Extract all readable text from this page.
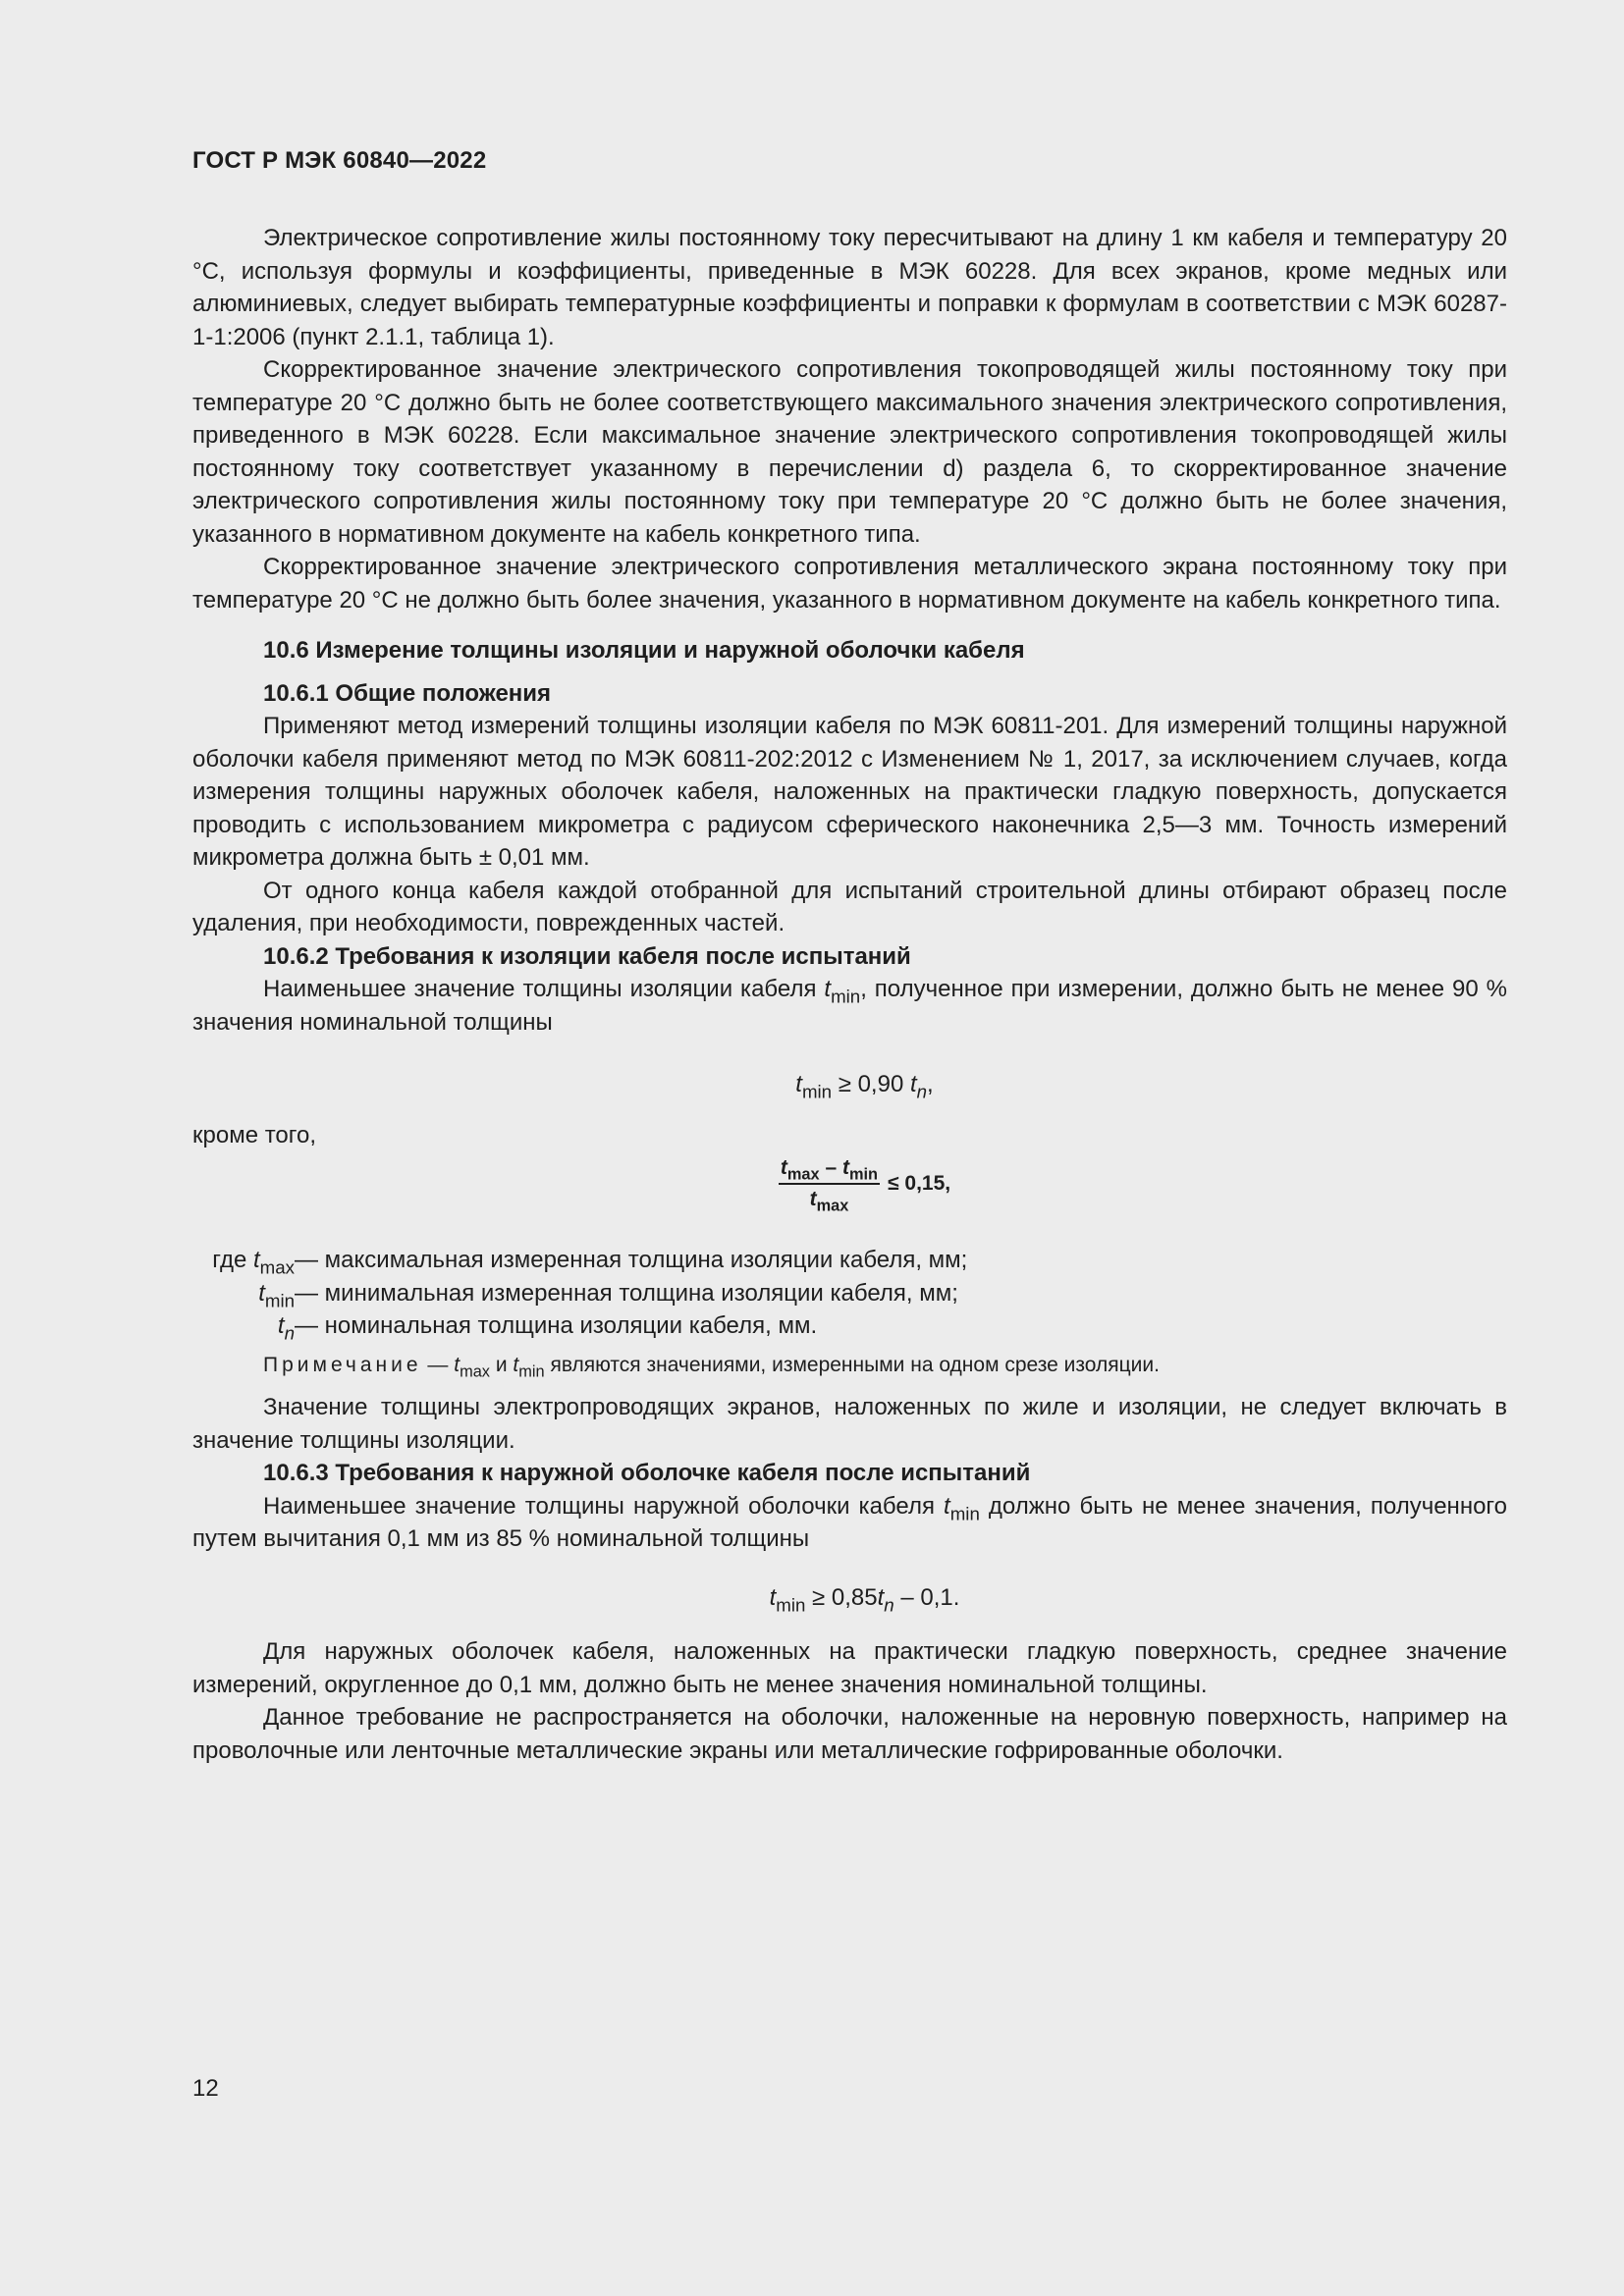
ГОСТ Р МЭК 60840—2022

Электрическое сопротивление жилы постоянному току пересчитывают на длину 1 км кабеля и температуру 20 °С, используя формулы и коэффициенты, приведенные в МЭК 60228. Для всех экранов, кроме медных или алюминиевых, следует выбирать температурные коэффициенты и поправки к формулам в соответствии с МЭК 60287-1-1:2006 (пункт 2.1.1, таблица 1).

Скорректированное значение электрического сопротивления токопроводящей жилы постоянному току при температуре 20 °С должно быть не более соответствующего максимального значения электрического сопротивления, приведенного в МЭК 60228. Если максимальное значение электрического сопротивления токопроводящей жилы постоянному току соответствует указанному в перечислении d) раздела 6, то скорректированное значение электрического сопротивления жилы постоянному току при температуре 20 °С должно быть не более значения, указанного в нормативном документе на кабель конкретного типа.

Скорректированное значение электрического сопротивления металлического экрана постоянному току при температуре 20 °С не должно быть более значения, указанного в нормативном документе на кабель конкретного типа.

10.6 Измерение толщины изоляции и наружной оболочки кабеля

10.6.1 Общие положения

Применяют метод измерений толщины изоляции кабеля по МЭК 60811-201. Для измерений толщины наружной оболочки кабеля применяют метод по МЭК 60811-202:2012 с Изменением № 1, 2017, за исключением случаев, когда измерения толщины наружных оболочек кабеля, наложенных на практически гладкую поверхность, допускается проводить с использованием микрометра с радиусом сферического наконечника 2,5—3 мм. Точность измерений микрометра должна быть ± 0,01 мм.

От одного конца кабеля каждой отобранной для испытаний строительной длины отбирают образец после удаления, при необходимости, поврежденных частей.

10.6.2 Требования к изоляции кабеля после испытаний

Наименьшее значение толщины изоляции кабеля $t_{min}$, полученное при измерении, должно быть не менее 90 % значения номинальной толщины

$t_{min} \ge 0,90$ $t_n$,

кроме того,

$\frac{t_{max} - t_{min}}{t_{max}} \le 0,15$,
где $t_{max}$ — максимальная измеренная толщина изоляции кабеля, мм;
$t_{min}$ — минимальная измеренная толщина изоляции кабеля, мм;
$t_n$ — номинальная толщина изоляции кабеля, мм.

Примечание — $t_{max}$ и $t_{min}$ являются значениями, измеренными на одном срезе изоляции.

Значение толщины электропроводящих экранов, наложенных по жиле и изоляции, не следует включать в значение толщины изоляции.

10.6.3 Требования к наружной оболочке кабеля после испытаний

Наименьшее значение толщины наружной оболочки кабеля $t_{min}$ должно быть не менее значения, полученного путем вычитания 0,1 мм из 85 % номинальной толщины

$t_{min} \ge 0,85t_n - 0,1$.

Для наружных оболочек кабеля, наложенных на практически гладкую поверхность, среднее значение измерений, округленное до 0,1 мм, должно быть не менее значения номинальной толщины.

Данное требование не распространяется на оболочки, наложенные на неровную поверхность, например на проволочные или ленточные металлические экраны или металлические гофрированные оболочки.

12
